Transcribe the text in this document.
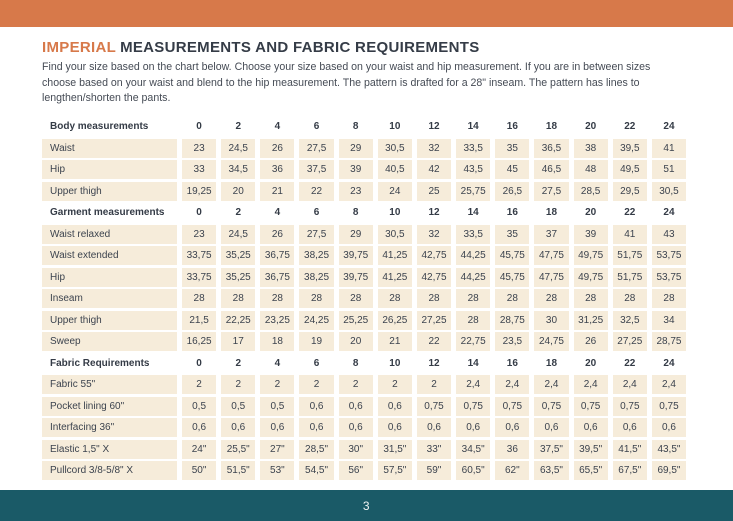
IMPERIAL MEASUREMENTS AND FABRIC REQUIREMENTS

Find your size based on the chart below. Choose your size based on your waist and hip measurement. If you are in between sizes choose based on your waist and blend to the hip measurement. The pattern is drafted for a 28" inseam. The pattern has lines to lengthen/shorten the pants.

Body measurements	0	2	4	6	8	10	12	14	16	18	20	22	24
Waist	23	24,5	26	27,5	29	30,5	32	33,5	35	36,5	38	39,5	41
Hip	33	34,5	36	37,5	39	40,5	42	43,5	45	46,5	48	49,5	51
Upper thigh	19,25	20	21	22	23	24	25	25,75	26,5	27,5	28,5	29,5	30,5
Garment measurements	0	2	4	6	8	10	12	14	16	18	20	22	24
Waist relaxed	23	24,5	26	27,5	29	30,5	32	33,5	35	37	39	41	43
Waist extended	33,75	35,25	36,75	38,25	39,75	41,25	42,75	44,25	45,75	47,75	49,75	51,75	53,75
Hip	33,75	35,25	36,75	38,25	39,75	41,25	42,75	44,25	45,75	47,75	49,75	51,75	53,75
Inseam	28	28	28	28	28	28	28	28	28	28	28	28	28
Upper thigh	21,5	22,25	23,25	24,25	25,25	26,25	27,25	28	28,75	30	31,25	32,5	34
Sweep	16,25	17	18	19	20	21	22	22,75	23,5	24,75	26	27,25	28,75
Fabric Requirements	0	2	4	6	8	10	12	14	16	18	20	22	24
Fabric 55"	2	2	2	2	2	2	2	2,4	2,4	2,4	2,4	2,4	2,4
Pocket lining 60"	0,5	0,5	0,5	0,6	0,6	0,6	0,75	0,75	0,75	0,75	0,75	0,75	0,75
Interfacing 36"	0,6	0,6	0,6	0,6	0,6	0,6	0,6	0,6	0,6	0,6	0,6	0,6	0,6
Elastic 1,5" X	24"	25,5"	27"	28,5"	30"	31,5"	33"	34,5"	36	37,5"	39,5"	41,5"	43,5"
Pullcord 3/8-5/8" X	50"	51,5"	53"	54,5"	56"	57,5"	59"	60,5"	62"	63,5"	65,5"	67,5"	69,5"
3
